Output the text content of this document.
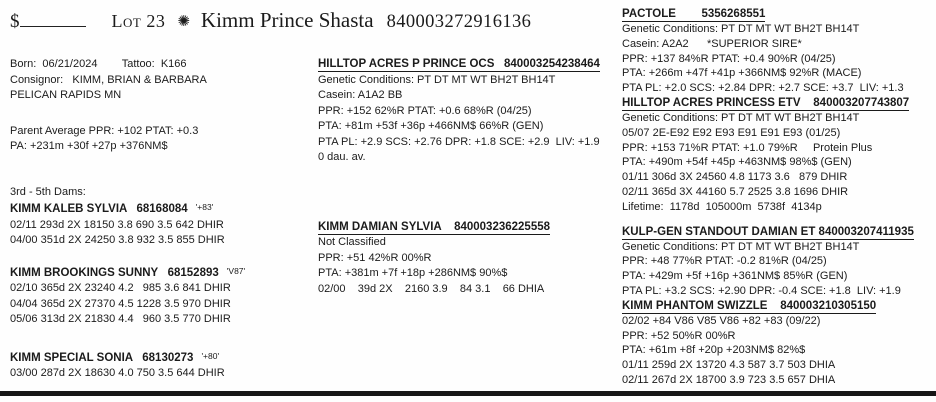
$	Lot 23 ✺ Kimm Prince Shasta 840003272916136
Born:  06/21/2024        Tattoo:  K166
Consignor:   KIMM, BRIAN & BARBARA
PELICAN RAPIDS MN
Parent Average PPR: +102 PTAT: +0.3
PA: +231m +30f +27p +376NM$
3rd - 5th Dams:
KIMM KALEB SYLVIA   68168084 '+83'
02/11 293d 2X 18150 3.8 690 3.5 642 DHIR
04/00 351d 2X 24250 3.8 932 3.5 855 DHIR
KIMM BROOKINGS SUNNY   68152893 'V87'
02/10 365d 2X 23240 4.2   985 3.6 841 DHIR
04/04 365d 2X 27370 4.5 1228 3.5 970 DHIR
05/06 313d 2X 21830 4.4   960 3.5 770 DHIR
KIMM SPECIAL SONIA   68130273 '+80'
03/00 287d 2X 18630 4.0 750 3.5 644 DHIR
HILLTOP ACRES P PRINCE OCS   840003254238464
Genetic Conditions: PT DT MT WT BH2T BH14T
Casein: A1A2 BB
PPR: +152 62%R PTAT: +0.6 68%R (04/25)
PTA: +81m +53f +36p +466NM$ 66%R (GEN)
PTA PL: +2.9 SCS: +2.76 DPR: +1.8 SCE: +2.9  LIV: +1.9
0 dau. av.
KIMM DAMIAN SYLVIA    840003236225558
Not Classified
PPR: +51 42%R 00%R
PTA: +381m +7f +18p +286NM$ 90%$
02/00    39d 2X    2160 3.9    84 3.1    66 DHIA
PACTOLE        5356268551
Genetic Conditions: PT DT MT WT BH2T BH14T
Casein: A2A2      *SUPERIOR SIRE*
PPR: +137 84%R PTAT: +0.4 90%R (04/25)
PTA: +266m +47f +41p +366NM$ 92%R (MACE)
PTA PL: +2.0 SCS: +2.84 DPR: +2.7 SCE: +3.7  LIV: +1.3
HILLTOP ACRES PRINCESS ETV    840003207743807
Genetic Conditions: PT DT MT WT BH2T BH14T
05/07 2E-E92 E92 E93 E91 E91 E93 (01/25)
PPR: +153 71%R PTAT: +1.0 79%R     Protein Plus
PTA: +490m +54f +45p +463NM$ 98%$ (GEN)
01/11 306d 3X 24560 4.8 1173 3.6   879 DHIR
02/11 365d 3X 44160 5.7 2525 3.8 1696 DHIR
Lifetime:  1178d  105000m  5738f  4134p
KULP-GEN STANDOUT DAMIAN ET 840003207411935
Genetic Conditions: PT DT MT WT BH2T BH14T
PPR: +48 77%R PTAT: -0.2 81%R (04/25)
PTA: +429m +5f +16p +361NM$ 85%R (GEN)
PTA PL: +3.2 SCS: +2.90 DPR: -0.4 SCE: +1.8  LIV: +1.9
KIMM PHANTOM SWIZZLE    840003210305150
02/02 +84 V86 V85 V86 +82 +83 (09/22)
PPR: +52 50%R 00%R
PTA: +61m +8f +20p +203NM$ 82%$
01/11 259d 2X 13720 4.3 587 3.7 503 DHIA
02/11 267d 2X 18700 3.9 723 3.5 657 DHIA
